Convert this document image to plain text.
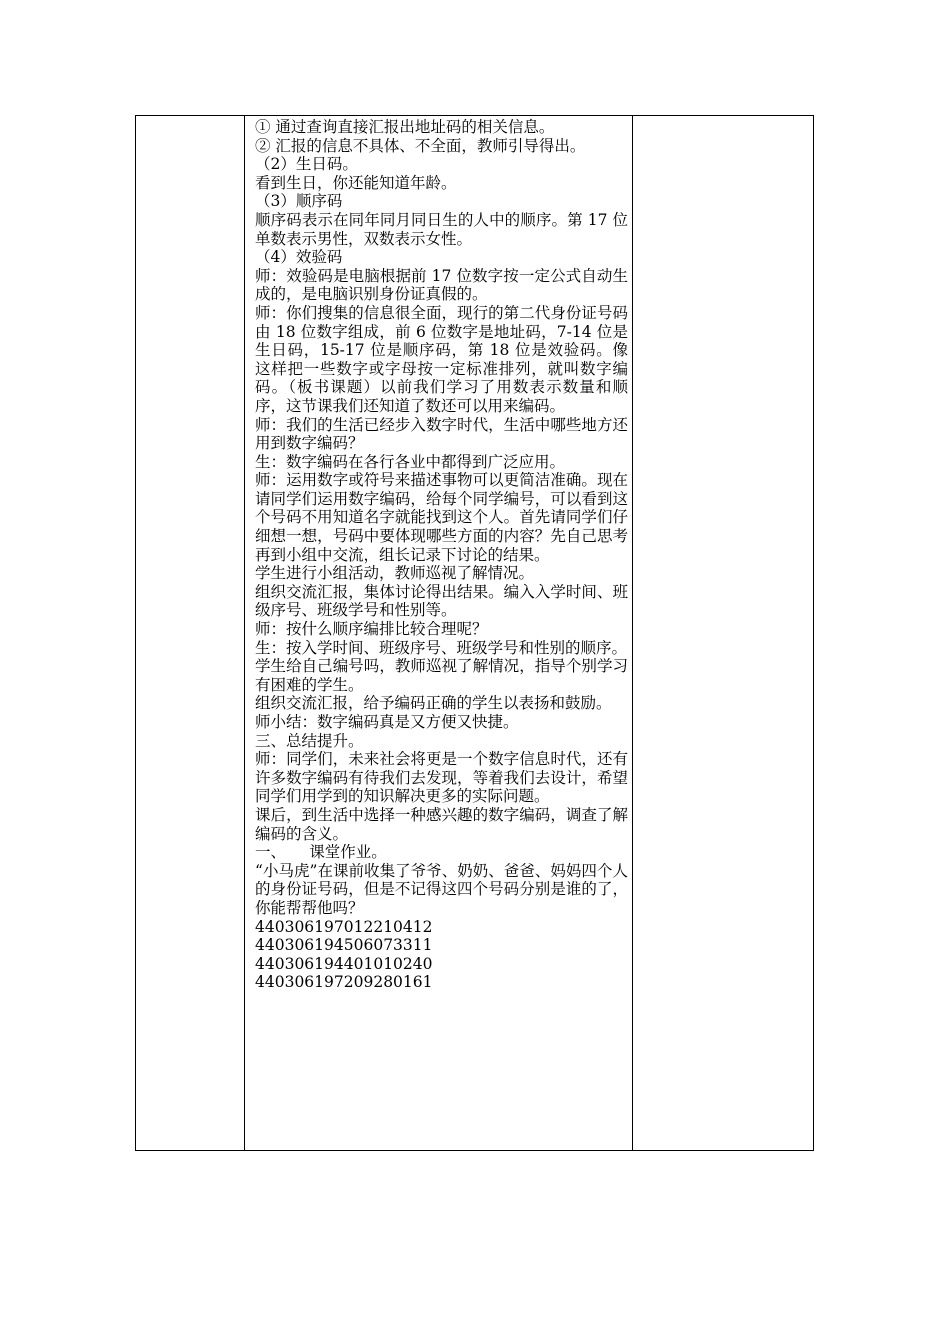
① 通过查询直接汇报出地址码的相关信息。

② 汇报的信息不具体、不全面，教师引导得出。

（2）生日码。

看到生日，你还能知道年龄。

（3）顺序码

顺序码表示在同年同月同日生的人中的顺序。第 17 位单数表示男性，双数表示女性。

（4）效验码

师：效验码是电脑根据前 17 位数字按一定公式自动生成的，是电脑识别身份证真假的。

师：你们搜集的信息很全面，现行的第二代身份证号码由 18 位数字组成，前 6 位数字是地址码，7-14 位是生日码，15-17 位是顺序码，第 18 位是效验码。像这样把一些数字或字母按一定标准排列，就叫数字编码。（板书课题）以前我们学习了用数表示数量和顺序，这节课我们还知道了数还可以用来编码。

师：我们的生活已经步入数字时代，生活中哪些地方还用到数字编码？

生：数字编码在各行各业中都得到广泛应用。

师：运用数字或符号来描述事物可以更简洁准确。现在请同学们运用数字编码，给每个同学编号，可以看到这个号码不用知道名字就能找到这个人。首先请同学们仔细想一想，号码中要体现哪些方面的内容？先自己思考再到小组中交流，组长记录下讨论的结果。

学生进行小组活动，教师巡视了解情况。

组织交流汇报，集体讨论得出结果。编入入学时间、班级序号、班级学号和性别等。

师：按什么顺序编排比较合理呢？

生：按入学时间、班级序号、班级学号和性别的顺序。

学生给自己编号吗，教师巡视了解情况，指导个别学习有困难的学生。

组织交流汇报，给予编码正确的学生以表扬和鼓励。

师小结：数字编码真是又方便又快捷。

三、总结提升。

师：同学们，未来社会将更是一个数字信息时代，还有许多数字编码有待我们去发现，等着我们去设计，希望同学们用学到的知识解决更多的实际问题。

课后，到生活中选择一种感兴趣的数字编码，调查了解编码的含义。

一、　　课堂作业。

“小马虎”在课前收集了爷爷、奶奶、爸爸、妈妈四个人的身份证号码，但是不记得这四个号码分别是谁的了，你能帮帮他吗？

440306197012210412

440306194506073311

440306194401010240

440306197209280161
